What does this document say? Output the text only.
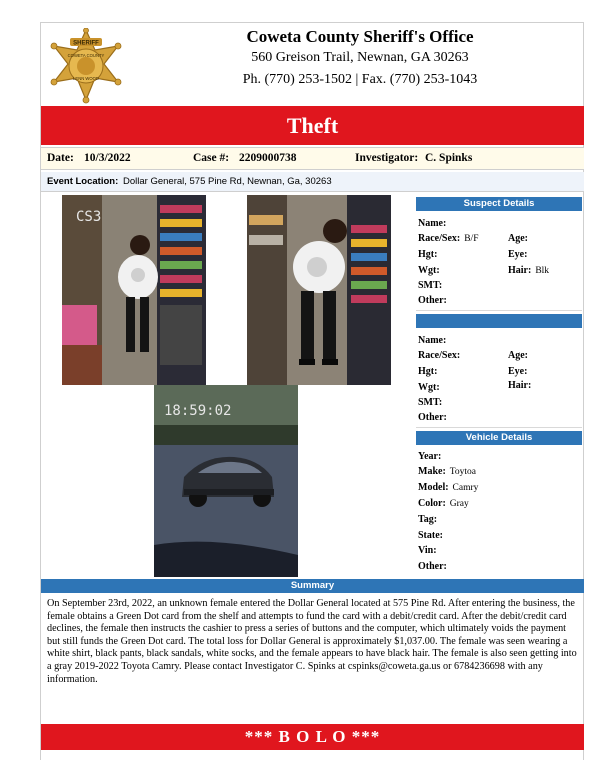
SHERIFF
COWETA COUNTY
LENN WOOD
Coweta County Sheriff's Office
560 Greison Trail, Newnan, GA 30263
Ph. (770) 253-1502 | Fax. (770) 253-1043
Theft
Date: 10/3/2022	Case #: 2209000738	Investigator: C. Spinks
Event Location: Dollar General, 575 Pine Rd, Newnan, Ga, 30263
CS3
18:59:02
Suspect Details
Name:
Race/Sex: B/F	Age:
Hgt:	Eye:
Wgt:	Hair: Blk
SMT:
Other:
Name:
Race/Sex:	Age:
Hgt:	Eye:
Wgt:	Hair:
SMT:
Other:
Vehicle Details
Year:
Make: Toytoa
Model: Camry
Color: Gray
Tag:
State:
Vin:
Other:
Summary
On September 23rd, 2022, an unknown female entered the Dollar General located at 575 Pine Rd. After entering the business, the female obtains a Green Dot card from the shelf and attempts to fund the card with a debit/credit card. After the debit/credit card declines, the female then instructs the cashier to press a series of buttons and the computer, which ultimately voids the payment but still funds the Green Dot card. The total loss for Dollar General is approximately $1,037.00. The female was seen wearing a white shirt, black pants, black sandals, white socks, and the female appears to have black hair. The female is also seen getting into a gray 2019-2022 Toyota Camry. Please contact Investigator C. Spinks at cspinks@coweta.ga.us or 6784236698 with any information.
*** B O L O ***
